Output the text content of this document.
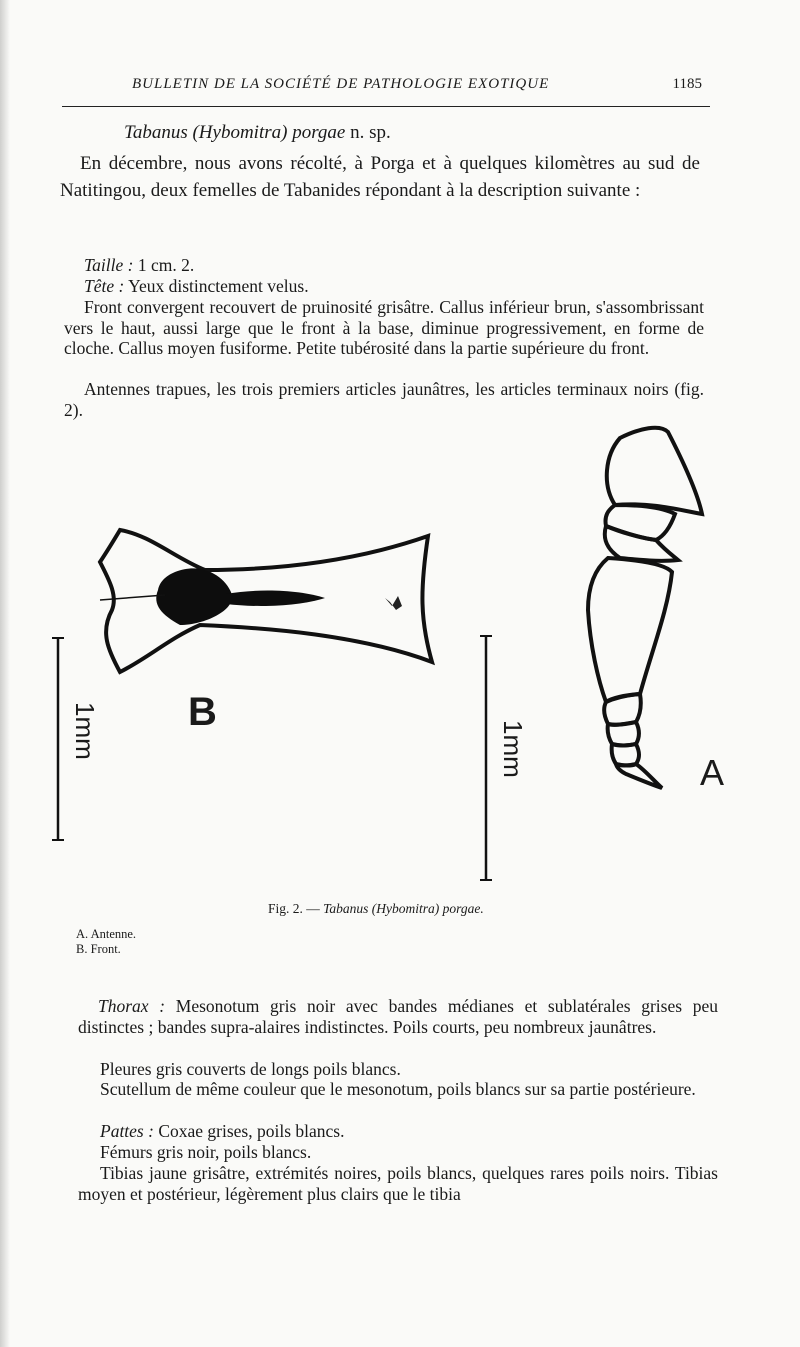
BULLETIN DE LA SOCIÉTÉ DE PATHOLOGIE EXOTIQUE	1185
Tabanus (Hybomitra) porgae n. sp.
En décembre, nous avons récolté, à Porga et à quelques kilomètres au sud de Natitingou, deux femelles de Tabanides répondant à la description suivante :
Taille : 1 cm. 2.
Tête : Yeux distinctement velus.
Front convergent recouvert de pruinosité grisâtre. Callus inférieur brun, s'assombrissant vers le haut, aussi large que le front à la base, diminue progressivement, en forme de cloche. Callus moyen fusiforme. Petite tubérosité dans la partie supérieure du front.
Antennes trapues, les trois premiers articles jaunâtres, les articles terminaux noirs (fig. 2).
B
A
1mm	1mm
Fig. 2. — Tabanus (Hybomitra) porgae.
A. Antenne.
B. Front.
Thorax : Mesonotum gris noir avec bandes médianes et sublatérales grises peu distinctes ; bandes supra-alaires indistinctes. Poils courts, peu nombreux jaunâtres.
Pleures gris couverts de longs poils blancs.
Scutellum de même couleur que le mesonotum, poils blancs sur sa partie postérieure.
Pattes : Coxae grises, poils blancs.
Fémurs gris noir, poils blancs.
Tibias jaune grisâtre, extrémités noires, poils blancs, quelques rares poils noirs. Tibias moyen et postérieur, légèrement plus clairs que le tibia
